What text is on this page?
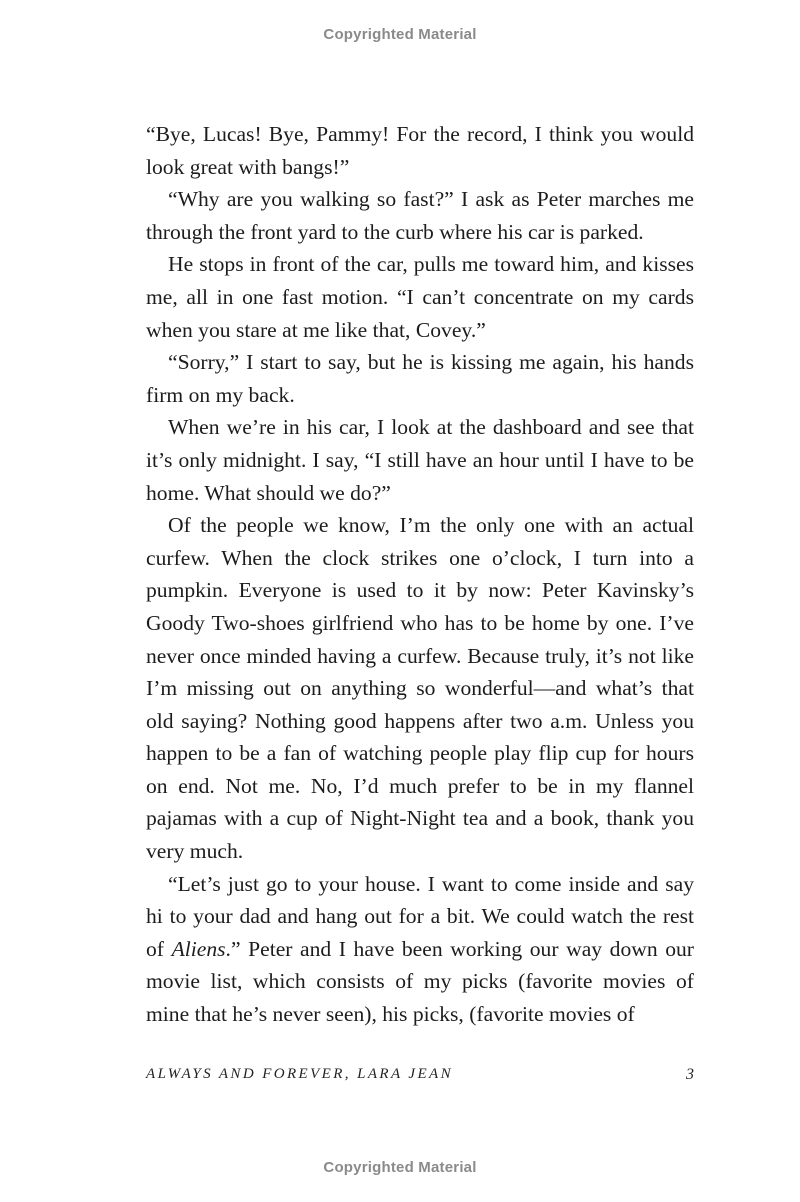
Copyrighted Material

“Bye, Lucas! Bye, Pammy! For the record, I think you would look great with bangs!”

“Why are you walking so fast?” I ask as Peter marches me through the front yard to the curb where his car is parked.

He stops in front of the car, pulls me toward him, and kisses me, all in one fast motion. “I can’t concentrate on my cards when you stare at me like that, Covey.”

“Sorry,” I start to say, but he is kissing me again, his hands firm on my back.

When we’re in his car, I look at the dashboard and see that it’s only midnight. I say, “I still have an hour until I have to be home. What should we do?”

Of the people we know, I’m the only one with an actual curfew. When the clock strikes one o’clock, I turn into a pumpkin. Everyone is used to it by now: Peter Kavinsky’s Goody Two-shoes girlfriend who has to be home by one. I’ve never once minded having a curfew. Because truly, it’s not like I’m missing out on anything so wonderful—and what’s that old saying? Nothing good happens after two a.m. Unless you happen to be a fan of watching people play flip cup for hours on end. Not me. No, I’d much prefer to be in my flannel pajamas with a cup of Night-Night tea and a book, thank you very much.

“Let’s just go to your house. I want to come inside and say hi to your dad and hang out for a bit. We could watch the rest of Aliens.” Peter and I have been working our way down our movie list, which consists of my picks (favorite movies of mine that he’s never seen), his picks, (favorite movies of

ALWAYS AND FOREVER, LARA JEAN	3
Copyrighted Material
